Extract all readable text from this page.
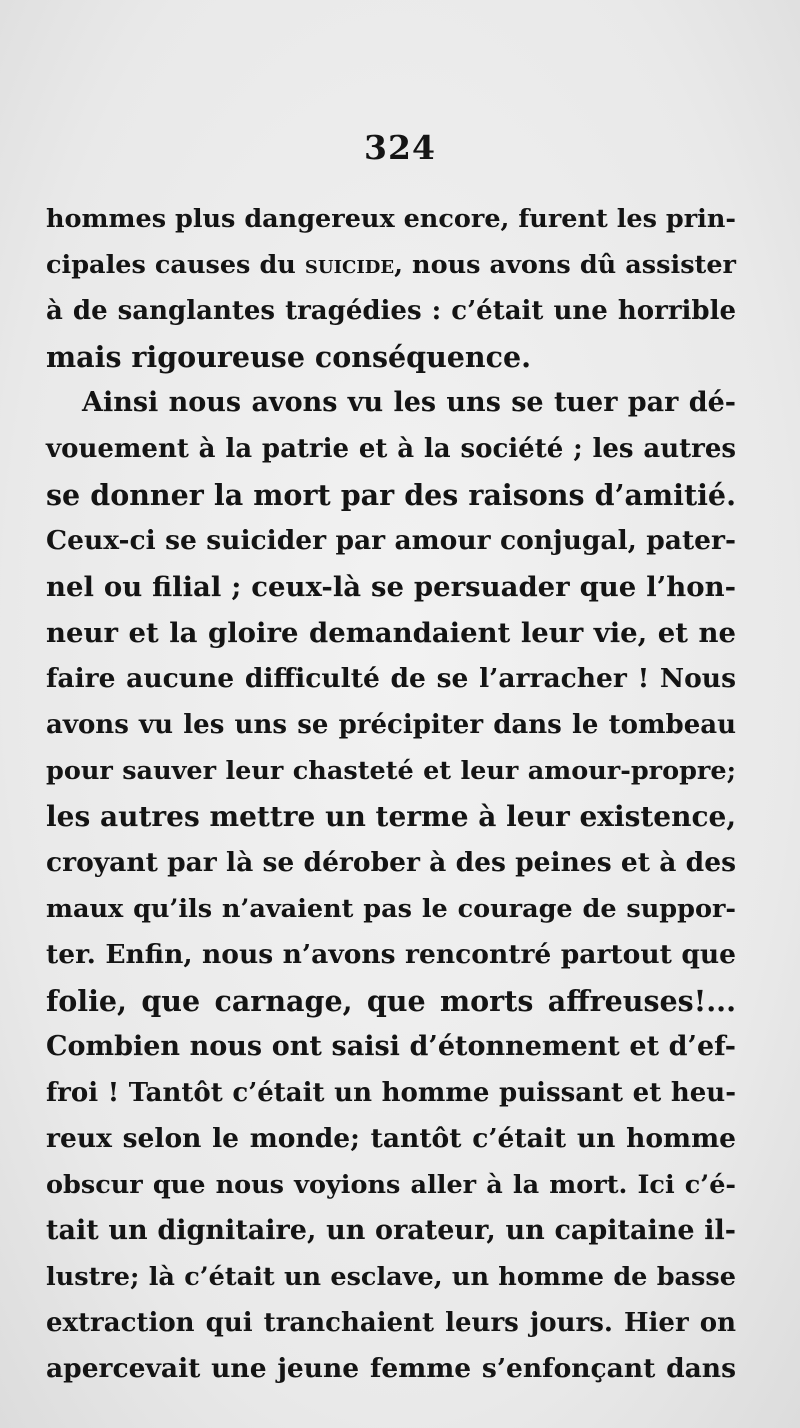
324
hommes plus dangereux encore, furent les prin-
cipales causes du suicide, nous avons dû assister
à de sanglantes tragédies : c’était une horrible
mais rigoureuse conséquence.
Ainsi nous avons vu les uns se tuer par dé-
vouement à la patrie et à la société ; les autres
se donner la mort par des raisons d’amitié.
Ceux-ci se suicider par amour conjugal, pater-
nel ou filial ; ceux-là se persuader que l’hon-
neur et la gloire demandaient leur vie, et ne
faire aucune difficulté de se l’arracher ! Nous
avons vu les uns se précipiter dans le tombeau
pour sauver leur chasteté et leur amour-propre;
les autres mettre un terme à leur existence,
croyant par là se dérober à des peines et à des
maux qu’ils n’avaient pas le courage de suppor-
ter. Enfin, nous n’avons rencontré partout que
folie, que carnage, que morts affreuses!...
Combien nous ont saisi d’étonnement et d’ef-
froi ! Tantôt c’était un homme puissant et heu-
reux selon le monde; tantôt c’était un homme
obscur que nous voyions aller à la mort. Ici c’é-
tait un dignitaire, un orateur, un capitaine il-
lustre; là c’était un esclave, un homme de basse
extraction qui tranchaient leurs jours. Hier on
apercevait une jeune femme s’enfonçant dans
